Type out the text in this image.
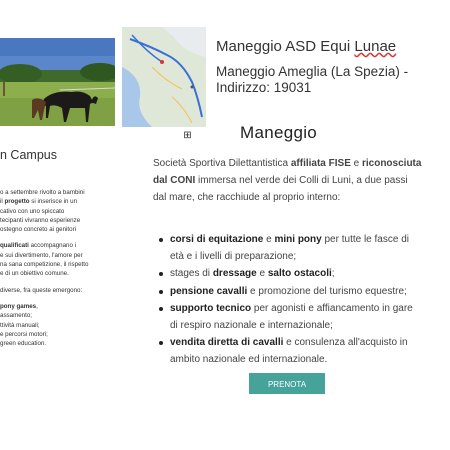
⊞
Maneggio ASD Equi Lunae
Maneggio Ameglia (La Spezia) - Indirizzo: 19031
Maneggio
n Campus

o a settembre rivolto a bambini
il progetto si inserisce in un
cativo con uno spiccato
tecipanti vivranno esperienze
ostegno concreto ai genitori

qualificati accompagnano i
e sui divertimento, l'amore per
na sana competizione, il rispetto
e di un obiettivo comune.

diverse, fra queste emergono:

pony games,
assamento;
ttività manuali;
e percorsi motori;
green education.

Società Sportiva Dilettantistica affiliata FISE e riconosciuta dal CONI immersa nel verde dei Colli di Luni, a due passi dal mare, che racchiude al proprio interno:
corsi di equitazione e mini pony per tutte le fasce di età e i livelli di preparazione;
stages di dressage e salto ostacoli;
pensione cavalli e promozione del turismo equestre;
supporto tecnico per agonisti e affiancamento in gare di respiro nazionale e internazionale;
vendita diretta di cavalli e consulenza all'acquisto in ambito nazionale ed internazionale.
PRENOTA
